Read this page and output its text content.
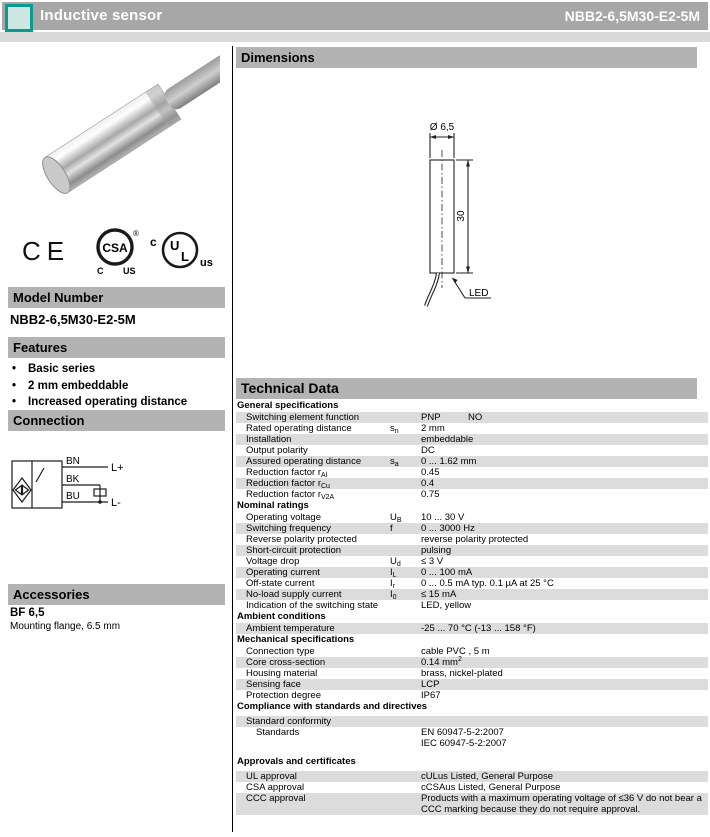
Inductive sensor	NBB2-6,5M30-E2-5M
CE	CSA
®
C US
c U
L us
Model Number
NBB2-6,5M30-E2-5M
Features
• Basic series
• 2 mm embeddable
• Increased operating distance
Connection
BN
BK
BU
L+
L-
Accessories
BF 6,5
Mounting flange, 6.5 mm
Dimensions
Ø 6,5
30
LED
Technical Data
General specifications
Switching element function	PNP	NO
Rated operating distance	$s_n$	2 mm
Installation	embeddable
Output polarity	DC
Assured operating distance	$s_a$	0 ... 1.62 mm
Reduction factor $r_{Al}$	0.45
Reduction factor $r_{Cu}$	0.4
Reduction factor $r_{V2A}$	0.75
Nominal ratings
Operating voltage	$U_B$	10 ... 30 V
Switching frequency	f	0 ... 3000 Hz
Reverse polarity protected	reverse polarity protected
Short-circuit protection	pulsing
Voltage drop	$U_d$	≤ 3 V
Operating current	$I_L$	0 ... 100 mA
Off-state current	$I_r$	0 ... 0.5 mA typ. 0.1 µA at 25 °C
No-load supply current	$I_0$	≤ 15 mA
Indication of the switching state	LED, yellow
Ambient conditions
Ambient temperature	-25 ... 70 °C (-13 ... 158 °F)
Mechanical specifications
Connection type	cable PVC , 5 m
Core cross-section	0.14 $mm^2$
Housing material	brass, nickel-plated
Sensing face	LCP
Protection degree	IP67
Compliance with standards and directives
Standard conformity
Standards	EN 60947-5-2:2007
IEC 60947-5-2:2007
Approvals and certificates
UL approval	cULus Listed, General Purpose
CSA approval	cCSAus Listed, General Purpose
CCC approval	Products with a maximum operating voltage of ≤36 V do not bear a CCC marking because they do not require approval.
